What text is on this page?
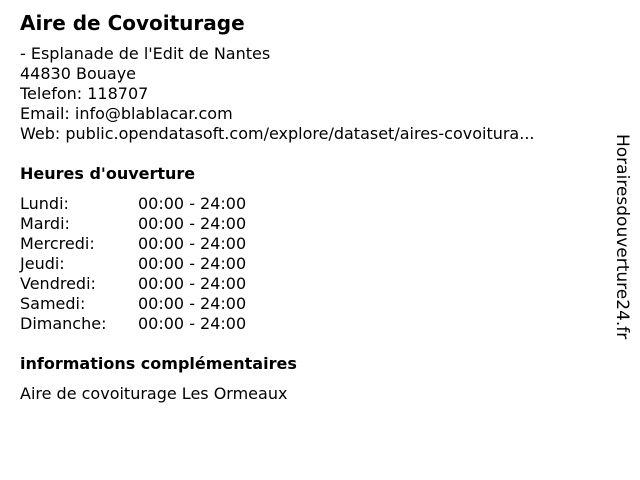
Aire de Covoiturage
- Esplanade de l'Edit de Nantes
44830 Bouaye
Telefon: 118707
Email: info@blablacar.com
Web: public.opendatasoft.com/explore/dataset/aires-covoitura...
Heures d'ouverture
Lundi:	00:00 - 24:00
Mardi:	00:00 - 24:00
Mercredi:	00:00 - 24:00
Jeudi:	00:00 - 24:00
Vendredi:	00:00 - 24:00
Samedi:	00:00 - 24:00
Dimanche:	00:00 - 24:00
informations complémentaires
Aire de covoiturage Les Ormeaux
Horairesdouverture24.fr
